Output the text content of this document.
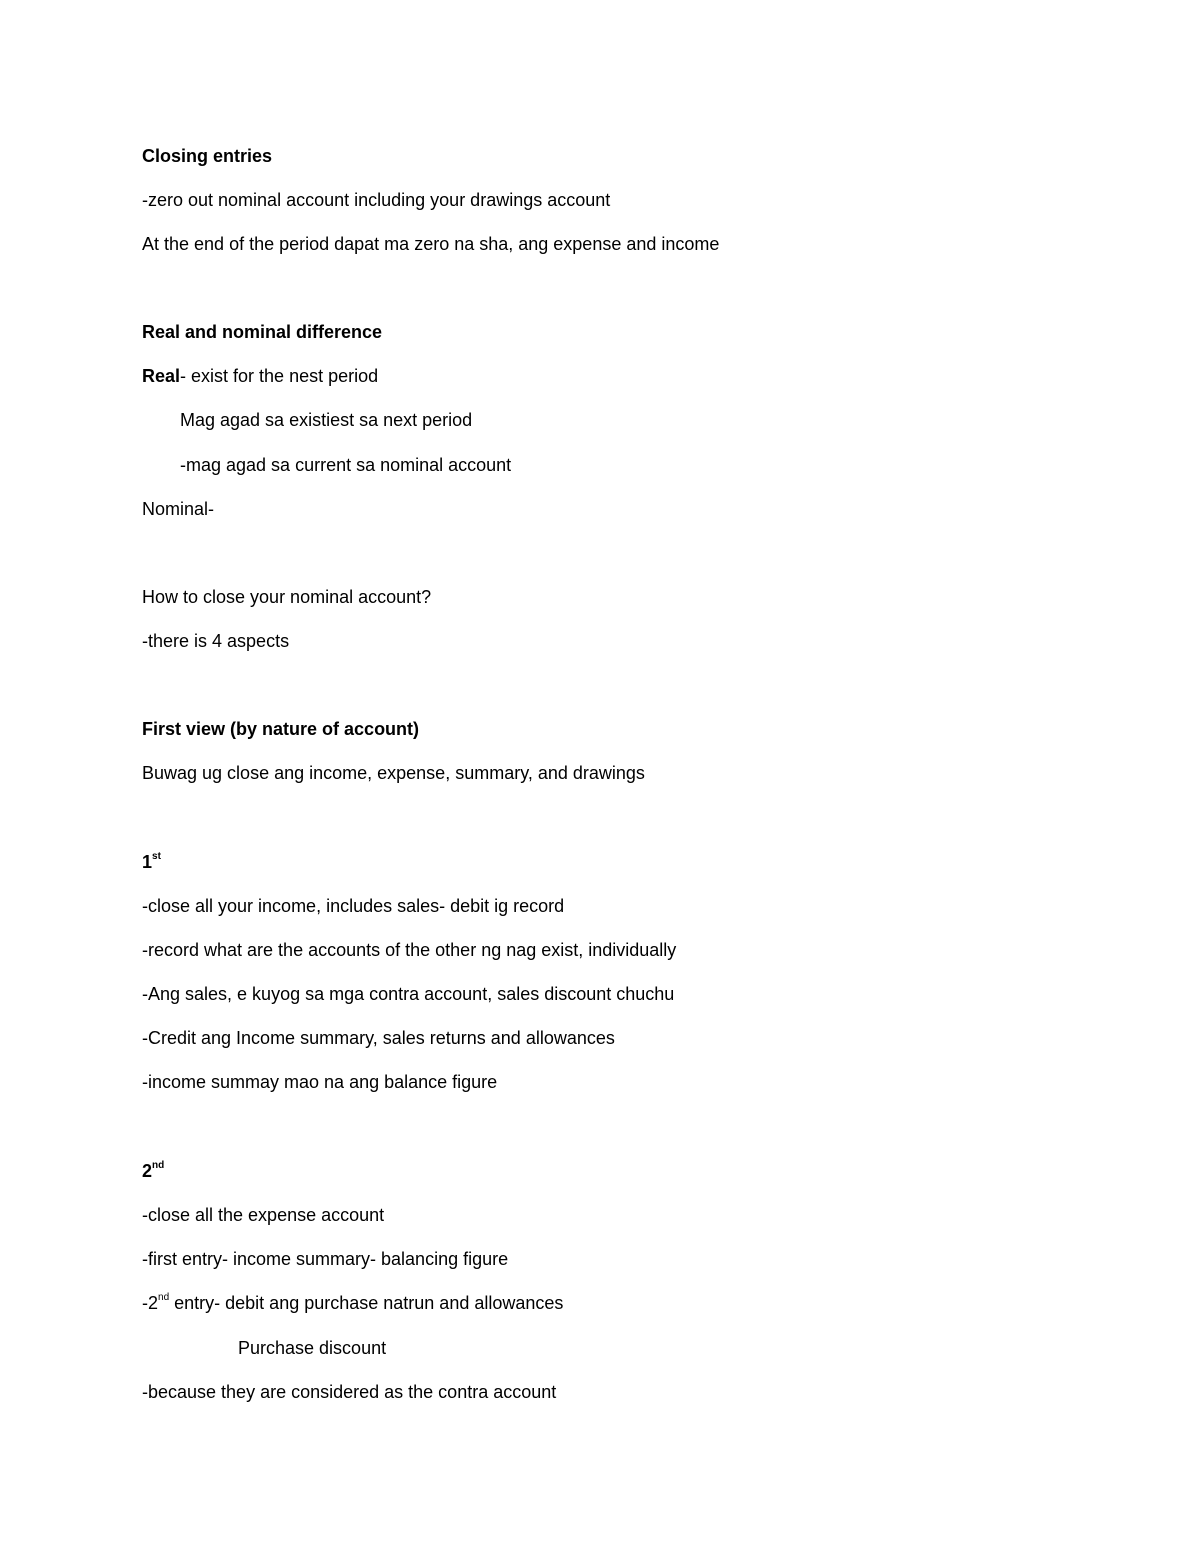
Closing entries
-zero out nominal account including your drawings account
At the end of the period dapat ma zero na sha, ang expense and income
Real and nominal difference
Real- exist for the nest period
Mag agad sa existiest sa next period
-mag agad sa current sa nominal account
Nominal-
How to close your nominal account?
-there is 4 aspects
First view (by nature of account)
Buwag ug close ang income, expense, summary, and drawings
1st
-close all your income, includes sales- debit ig record
-record what are the accounts of the other ng nag exist, individually
-Ang sales, e kuyog sa mga contra account, sales discount chuchu
-Credit ang Income summary, sales returns and allowances
-income summay mao na ang balance figure
2nd
-close all the expense account
-first entry- income summary- balancing figure
-2nd entry- debit ang purchase natrun and allowances
Purchase discount
-because they are considered as the contra account
